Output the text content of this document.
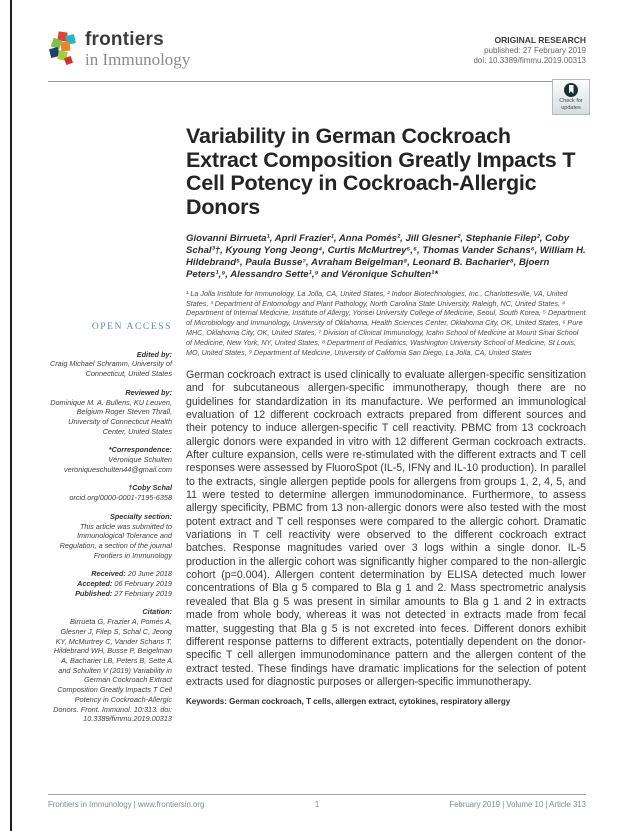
frontiers
in Immunology
ORIGINAL RESEARCH
published: 27 February 2019
doi: 10.3389/fimmu.2019.00313
Check for
updates
OPEN ACCESS
Edited by:
Craig Michael Schramm, University of Connecticut, United States
Reviewed by:
Dominique M. A. Bullens, KU Leuven, Belgium Roger Steven Thrall, University of Connecticut Health Center, United States
*Correspondence:
Véronique Schulten
veroniqueschulten44@gmail.com
†Coby Schal
orcid.org/0000-0001-7195-6358
Specialty section:
This article was submitted to Immunological Tolerance and Regulation, a section of the journal Frontiers in Immunology
Received: 20 June 2018
Accepted: 06 February 2019
Published: 27 February 2019
Citation:
Birrueta G, Frazier A, Pomés A, Glesner J, Filep S, Schal C, Jeong KY, McMurtrey C, Vander Schans T, Hildebrand WH, Busse P, Beigelman A, Bacharier LB, Peters B, Sette A and Schulten V (2019) Variability in German Cockroach Extract Composition Greatly Impacts T Cell Potency in Cockroach-Allergic Donors. Front. Immunol. 10:313. doi: 10.3389/fimmu.2019.00313
Variability in German Cockroach Extract Composition Greatly Impacts T Cell Potency in Cockroach-Allergic Donors
Giovanni Birrueta¹, April Frazier¹, Anna Pomés², Jill Glesner², Stephanie Filep², Coby Schal³†, Kyoung Yong Jeong⁴, Curtis McMurtrey⁵,⁶, Thomas Vander Schans⁶, William H. Hildebrand⁵, Paula Busse⁷, Avraham Beigelman⁸, Leonard B. Bacharier⁸, Bjoern Peters¹,⁹, Alessandro Sette¹,⁹ and Véronique Schulten¹*
¹ La Jolla Institute for Immunology, La Jolla, CA, United States, ² Indoor Biotechnologies, Inc., Charlottesville, VA, United States, ³ Department of Entomology and Plant Pathology, North Carolina State University, Raleigh, NC, United States, ⁴ Department of Internal Medicine, Institute of Allergy, Yonsei University College of Medicine, Seoul, South Korea, ⁵ Department of Microbiology and Immunology, University of Oklahoma, Health Sciences Center, Oklahoma City, OK, United States, ⁶ Pure MHC, Oklahoma City, OK, United States, ⁷ Division of Clinical Immunology, Icahn School of Medicine at Mount Sinai School of Medicine, New York, NY, United States, ⁸ Department of Pediatrics, Washington University School of Medicine, St Louis, MO, United States, ⁹ Department of Medicine, University of California San Diego, La Jolla, CA, United States
German cockroach extract is used clinically to evaluate allergen-specific sensitization and for subcutaneous allergen-specific immunotherapy, though there are no guidelines for standardization in its manufacture. We performed an immunological evaluation of 12 different cockroach extracts prepared from different sources and their potency to induce allergen-specific T cell reactivity. PBMC from 13 cockroach allergic donors were expanded in vitro with 12 different German cockroach extracts. After culture expansion, cells were re-stimulated with the different extracts and T cell responses were assessed by FluoroSpot (IL-5, IFNγ and IL-10 production). In parallel to the extracts, single allergen peptide pools for allergens from groups 1, 2, 4, 5, and 11 were tested to determine allergen immunodominance. Furthermore, to assess allergy specificity, PBMC from 13 non-allergic donors were also tested with the most potent extract and T cell responses were compared to the allergic cohort. Dramatic variations in T cell reactivity were observed to the different cockroach extract batches. Response magnitudes varied over 3 logs within a single donor. IL-5 production in the allergic cohort was significantly higher compared to the non-allergic cohort (p=0.004). Allergen content determination by ELISA detected much lower concentrations of Bla g 5 compared to Bla g 1 and 2. Mass spectrometric analysis revealed that Bla g 5 was present in similar amounts to Bla g 1 and 2 in extracts made from whole body, whereas it was not detected in extracts made from fecal matter, suggesting that Bla g 5 is not excreted into feces. Different donors exhibit different response patterns to different extracts, potentially dependent on the donor-specific T cell allergen immunodominance pattern and the allergen content of the extract tested. These findings have dramatic implications for the selection of potent extracts used for diagnostic purposes or allergen-specific immunotherapy.
Keywords: German cockroach, T cells, allergen extract, cytokines, respiratory allergy
Frontiers in Immunology | www.frontiersin.org	1	February 2019 | Volume 10 | Article 313
